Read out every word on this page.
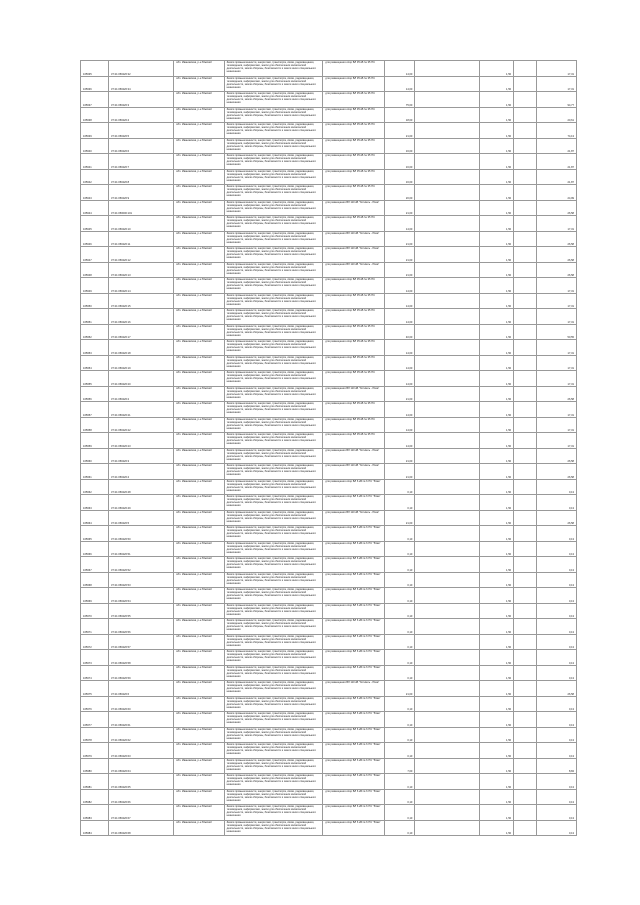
165635	37:21:050226:32		обл. Ивановская, р-н Южский	Земли промышленности, энергетики, транспорта, связи, радиовещания, телевидения, информатики, земли для обеспечения космической деятельности, земли обороны, безопасности и земли иного специального назначения	для размещения опор ВЛ 35 кВ № 35 ПС	14,00		1,50		17,31
165636	37:21:050226:34		обл. Ивановская, р-н Южский	Земли промышленности, энергетики, транспорта, связи, радиовещания, телевидения, информатики, земли для обеспечения космической деятельности, земли обороны, безопасности и земли иного специального назначения	для размещения опор ВЛ 35 кВ № 35 ПС	14,00		1,50		17,31
165637	37:21:050226:3		обл. Ивановская, р-н Южский	Земли промышленности, энергетики, транспорта, связи, радиовещания, телевидения, информатики, земли для обеспечения космической деятельности, земли обороны, безопасности и земли иного специального назначения	для размещения опор ВЛ 35 кВ № 35 ПС	75,00		1,50		94,77
165638	37:21:050226:4		обл. Ивановская, р-н Южский	Земли промышленности, энергетики, транспорта, связи, радиовещания, телевидения, информатики, земли для обеспечения космической деятельности, земли обороны, безопасности и земли иного специального назначения	для размещения опор ВЛ 35 кВ № 35 ПС	18,00		1,50		20,61
165639	37:21:050226:5		обл. Ивановская, р-н Южский	Земли промышленности, энергетики, транспорта, связи, радиовещания, телевидения, информатики, земли для обеспечения космической деятельности, земли обороны, безопасности и земли иного специального назначения	для размещения опор ВЛ 35 кВ № 35 ПС	21,00		1,50		74,13
165640	37:21:050226:6		обл. Ивановская, р-н Южский	Земли промышленности, энергетики, транспорта, связи, радиовещания, телевидения, информатики, земли для обеспечения космической деятельности, земли обороны, безопасности и земли иного специального назначения	для размещения опор ВЛ 35 кВ № 35 ПС	16,00		1,50		21,87
165641	37:21:050226:7		обл. Ивановская, р-н Южский	Земли промышленности, энергетики, транспорта, связи, радиовещания, телевидения, информатики, земли для обеспечения космической деятельности, земли обороны, безопасности и земли иного специального назначения	для размещения опор ВЛ 35 кВ № 35 ПС	16,00		1,50		21,87
165642	37:21:050226:8		обл. Ивановская, р-н Южский	Земли промышленности, энергетики, транспорта, связи, радиовещания, телевидения, информатики, земли для обеспечения космической деятельности, земли обороны, безопасности и земли иного специального назначения	для размещения опор ВЛ 35 кВ № 35 ПС	16,00		1,50		21,87
165643	37:21:050226:9		обл. Ивановская, р-н Южский	Земли промышленности, энергетики, транспорта, связи, радиовещания, телевидения, информатики, земли для обеспечения космической деятельности, земли обороны, безопасности и земли иного специального назначения	для размещения опор ВЛ 35 кВ № 35 ПС	20,00		1,50		24,99
165644	37:21:050000:101		обл. Ивановская, р-н Южский	Земли промышленности, энергетики, транспорта, связи, радиовещания, телевидения, информатики, земли для обеспечения космической деятельности, земли обороны, безопасности и земли иного специального назначения	для размещения ВЛ 110 кВ "Хотимль - Южа"	21,00		1,50		26,58
165645	37:21:050226:10		обл. Ивановская, р-н Южский	Земли промышленности, энергетики, транспорта, связи, радиовещания, телевидения, информатики, земли для обеспечения космической деятельности, земли обороны, безопасности и земли иного специального назначения	для размещения опор ВЛ 35 кВ № 35 ПС	14,00		1,50		17,31
165646	37:21:050226:11		обл. Ивановская, р-н Южский	Земли промышленности, энергетики, транспорта, связи, радиовещания, телевидения, информатики, земли для обеспечения космической деятельности, земли обороны, безопасности и земли иного специального назначения	для размещения ВЛ 110 кВ "Хотимль - Южа"	21,00		1,50		26,58
165647	37:21:050226:12		обл. Ивановская, р-н Южский	Земли промышленности, энергетики, транспорта, связи, радиовещания, телевидения, информатики, земли для обеспечения космической деятельности, земли обороны, безопасности и земли иного специального назначения	для размещения ВЛ 110 кВ "Хотимль - Южа"	21,00		1,50		26,58
165648	37:21:050226:13		обл. Ивановская, р-н Южский	Земли промышленности, энергетики, транспорта, связи, радиовещания, телевидения, информатики, земли для обеспечения космической деятельности, земли обороны, безопасности и земли иного специального назначения	для размещения ВЛ 110 кВ "Хотимль - Южа"	21,00		1,50		26,58
165649	37:21:050226:14		обл. Ивановская, р-н Южский	Земли промышленности, энергетики, транспорта, связи, радиовещания, телевидения, информатики, земли для обеспечения космической деятельности, земли обороны, безопасности и земли иного специального назначения	для размещения опор ВЛ 35 кВ № 35 ПС	14,00		1,50		17,31
165650	37:21:050226:15		обл. Ивановская, р-н Южский	Земли промышленности, энергетики, транспорта, связи, радиовещания, телевидения, информатики, земли для обеспечения космической деятельности, земли обороны, безопасности и земли иного специального назначения	для размещения опор ВЛ 35 кВ № 35 ПС	14,00		1,50		17,31
165651	37:21:050226:16		обл. Ивановская, р-н Южский	Земли промышленности, энергетики, транспорта, связи, радиовещания, телевидения, информатики, земли для обеспечения космической деятельности, земли обороны, безопасности и земли иного специального назначения	для размещения опор ВЛ 35 кВ № 35 ПС	14,00		1,50		17,31
165652	37:21:050226:17		обл. Ивановская, р-н Южский	Земли промышленности, энергетики, транспорта, связи, радиовещания, телевидения, информатики, земли для обеспечения космической деятельности, земли обороны, безопасности и земли иного специального назначения	для размещения опор ВЛ 35 кВ № 35 ПС	40,00		1,50		50,55
165653	37:21:050226:18		обл. Ивановская, р-н Южский	Земли промышленности, энергетики, транспорта, связи, радиовещания, телевидения, информатики, земли для обеспечения космической деятельности, земли обороны, безопасности и земли иного специального назначения	для размещения опор ВЛ 35 кВ № 35 ПС	14,00		1,50		17,31
165654	37:21:050226:19		обл. Ивановская, р-н Южский	Земли промышленности, энергетики, транспорта, связи, радиовещания, телевидения, информатики, земли для обеспечения космической деятельности, земли обороны, безопасности и земли иного специального назначения	для размещения опор ВЛ 35 кВ № 35 ПС	14,00		1,50		17,31
165655	37:21:050226:20		обл. Ивановская, р-н Южский	Земли промышленности, энергетики, транспорта, связи, радиовещания, телевидения, информатики, земли для обеспечения космической деятельности, земли обороны, безопасности и земли иного специального назначения	для размещения опор ВЛ 35 кВ № 35 ПС	14,00		1,50		17,31
165656	37:21:050226:2		обл. Ивановская, р-н Южский	Земли промышленности, энергетики, транспорта, связи, радиовещания, телевидения, информатики, земли для обеспечения космической деятельности, земли обороны, безопасности и земли иного специального назначения	для размещения ВЛ 110 кВ "Хотимль - Южа"	21,00		1,50		26,58
165657	37:21:050226:21		обл. Ивановская, р-н Южский	Земли промышленности, энергетики, транспорта, связи, радиовещания, телевидения, информатики, земли для обеспечения космической деятельности, земли обороны, безопасности и земли иного специального назначения	для размещения опор ВЛ 35 кВ № 35 ПС	14,00		1,50		17,31
165658	37:21:050226:22		обл. Ивановская, р-н Южский	Земли промышленности, энергетики, транспорта, связи, радиовещания, телевидения, информатики, земли для обеспечения космической деятельности, земли обороны, безопасности и земли иного специального назначения	для размещения опор ВЛ 35 кВ № 35 ПС	14,00		1,50		17,31
165659	37:21:050226:23		обл. Ивановская, р-н Южский	Земли промышленности, энергетики, транспорта, связи, радиовещания, телевидения, информатики, земли для обеспечения космической деятельности, земли обороны, безопасности и земли иного специального назначения	для размещения опор ВЛ 35 кВ № 35 ПС	14,00		1,50		17,31
165660	37:21:050226:3		обл. Ивановская, р-н Южский	Земли промышленности, энергетики, транспорта, связи, радиовещания, телевидения, информатики, земли для обеспечения космической деятельности, земли обороны, безопасности и земли иного специального назначения	для размещения ВЛ 110 кВ "Хотимль - Южа"	21,00		1,50		26,58
165661	37:21:050226:4		обл. Ивановская, р-н Южский	Земли промышленности, энергетики, транспорта, связи, радиовещания, телевидения, информатики, земли для обеспечения космической деятельности, земли обороны, безопасности и земли иного специального назначения	для размещения ВЛ 110 кВ "Хотимль - Южа"	21,00		1,50		26,58
165662	37:21:050226:48		обл. Ивановская, р-н Южский	Земли промышленности, энергетики, транспорта, связи, радиовещания, телевидения, информатики, земли для обеспечения космической деятельности, земли обороны, безопасности и земли иного специального назначения	для размещения опор ВЛ 6 кВ № 6 ПС "Южа"	0,10		1,50		0,13
165663	37:21:050226:49		обл. Ивановская, р-н Южский	Земли промышленности, энергетики, транспорта, связи, радиовещания, телевидения, информатики, земли для обеспечения космической деятельности, земли обороны, безопасности и земли иного специального назначения	для размещения опор ВЛ 6 кВ № 6 ПС "Южа"	0,10		1,50		0,13
165664	37:21:050226:5		обл. Ивановская, р-н Южский	Земли промышленности, энергетики, транспорта, связи, радиовещания, телевидения, информатики, земли для обеспечения космической деятельности, земли обороны, безопасности и земли иного специального назначения	для размещения ВЛ 110 кВ "Хотимль - Южа"	21,00		1,50		26,58
165665	37:21:050226:50		обл. Ивановская, р-н Южский	Земли промышленности, энергетики, транспорта, связи, радиовещания, телевидения, информатики, земли для обеспечения космической деятельности, земли обороны, безопасности и земли иного специального назначения	для размещения опор ВЛ 6 кВ № 6 ПС "Южа"	0,10		1,50		0,13
165666	37:21:050226:51		обл. Ивановская, р-н Южский	Земли промышленности, энергетики, транспорта, связи, радиовещания, телевидения, информатики, земли для обеспечения космической деятельности, земли обороны, безопасности и земли иного специального назначения	для размещения опор ВЛ 6 кВ № 6 ПС "Южа"	0,10		1,50		0,13
165667	37:21:050226:52		обл. Ивановская, р-н Южский	Земли промышленности, энергетики, транспорта, связи, радиовещания, телевидения, информатики, земли для обеспечения космической деятельности, земли обороны, безопасности и земли иного специального назначения	для размещения опор ВЛ 6 кВ № 6 ПС "Южа"	0,10		1,50		0,13
165668	37:21:050226:53		обл. Ивановская, р-н Южский	Земли промышленности, энергетики, транспорта, связи, радиовещания, телевидения, информатики, земли для обеспечения космической деятельности, земли обороны, безопасности и земли иного специального назначения	для размещения опор ВЛ 6 кВ № 6 ПС "Южа"	0,10		1,50		0,13
165669	37:21:050226:54		обл. Ивановская, р-н Южский	Земли промышленности, энергетики, транспорта, связи, радиовещания, телевидения, информатики, земли для обеспечения космической деятельности, земли обороны, безопасности и земли иного специального назначения	для размещения опор ВЛ 6 кВ № 6 ПС "Южа"	0,10		1,50		0,13
165670	37:21:050226:55		обл. Ивановская, р-н Южский	Земли промышленности, энергетики, транспорта, связи, радиовещания, телевидения, информатики, земли для обеспечения космической деятельности, земли обороны, безопасности и земли иного специального назначения	для размещения опор ВЛ 6 кВ № 6 ПС "Южа"	0,10		1,50		0,13
165671	37:21:050226:56		обл. Ивановская, р-н Южский	Земли промышленности, энергетики, транспорта, связи, радиовещания, телевидения, информатики, земли для обеспечения космической деятельности, земли обороны, безопасности и земли иного специального назначения	для размещения опор ВЛ 6 кВ № 6 ПС "Южа"	0,10		1,50		0,13
165672	37:21:050226:57		обл. Ивановская, р-н Южский	Земли промышленности, энергетики, транспорта, связи, радиовещания, телевидения, информатики, земли для обеспечения космической деятельности, земли обороны, безопасности и земли иного специального назначения	для размещения опор ВЛ 6 кВ № 6 ПС "Южа"	0,10		1,50		0,13
165673	37:21:050226:58		обл. Ивановская, р-н Южский	Земли промышленности, энергетики, транспорта, связи, радиовещания, телевидения, информатики, земли для обеспечения космической деятельности, земли обороны, безопасности и земли иного специального назначения	для размещения опор ВЛ 6 кВ № 6 ПС "Южа"	0,10		1,50		0,13
165674	37:21:050226:59		обл. Ивановская, р-н Южский	Земли промышленности, энергетики, транспорта, связи, радиовещания, телевидения, информатики, земли для обеспечения космической деятельности, земли обороны, безопасности и земли иного специального назначения	для размещения опор ВЛ 6 кВ № 6 ПС "Южа"	0,10		1,50		0,13
165675	37:21:050226:6		обл. Ивановская, р-н Южский	Земли промышленности, энергетики, транспорта, связи, радиовещания, телевидения, информатики, земли для обеспечения космической деятельности, земли обороны, безопасности и земли иного специального назначения	для размещения ВЛ 110 кВ "Хотимль - Южа"	21,00		1,50		26,58
165676	37:21:050226:60		обл. Ивановская, р-н Южский	Земли промышленности, энергетики, транспорта, связи, радиовещания, телевидения, информатики, земли для обеспечения космической деятельности, земли обороны, безопасности и земли иного специального назначения	для размещения опор ВЛ 6 кВ № 6 ПС "Южа"	0,10		1,50		0,13
165677	37:21:050226:61		обл. Ивановская, р-н Южский	Земли промышленности, энергетики, транспорта, связи, радиовещания, телевидения, информатики, земли для обеспечения космической деятельности, земли обороны, безопасности и земли иного специального назначения	для размещения опор ВЛ 6 кВ № 6 ПС "Южа"	0,10		1,50		0,13
165678	37:21:050226:62		обл. Ивановская, р-н Южский	Земли промышленности, энергетики, транспорта, связи, радиовещания, телевидения, информатики, земли для обеспечения космической деятельности, земли обороны, безопасности и земли иного специального назначения	для размещения опор ВЛ 6 кВ № 6 ПС "Южа"	0,10		1,50		0,13
165679	37:21:050226:63		обл. Ивановская, р-н Южский	Земли промышленности, энергетики, транспорта, связи, радиовещания, телевидения, информатики, земли для обеспечения космической деятельности, земли обороны, безопасности и земли иного специального назначения	для размещения опор ВЛ 6 кВ № 6 ПС "Южа"	0,10		1,50		0,13
165680	37:21:050226:64		обл. Ивановская, р-н Южский	Земли промышленности, энергетики, транспорта, связи, радиовещания, телевидения, информатики, земли для обеспечения космической деятельности, земли обороны, безопасности и земли иного специального назначения	для размещения опор ВЛ 6 кВ № 6 ПС "Южа"	7,00		1,50		8,84
165681	37:21:050226:65		обл. Ивановская, р-н Южский	Земли промышленности, энергетики, транспорта, связи, радиовещания, телевидения, информатики, земли для обеспечения космической деятельности, земли обороны, безопасности и земли иного специального назначения	для размещения опор ВЛ 6 кВ № 6 ПС "Южа"	0,10		1,50		0,13
165682	37:21:050226:66		обл. Ивановская, р-н Южский	Земли промышленности, энергетики, транспорта, связи, радиовещания, телевидения, информатики, земли для обеспечения космической деятельности, земли обороны, безопасности и земли иного специального назначения	для размещения опор ВЛ 6 кВ № 6 ПС "Южа"	0,10		1,50		0,13
165683	37:21:050226:67		обл. Ивановская, р-н Южский	Земли промышленности, энергетики, транспорта, связи, радиовещания, телевидения, информатики, земли для обеспечения космической деятельности, земли обороны, безопасности и земли иного специального назначения	для размещения опор ВЛ 6 кВ № 6 ПС "Южа"	0,10		1,50		0,13
165684	37:21:050226:68		обл. Ивановская, р-н Южский	Земли промышленности, энергетики, транспорта, связи, радиовещания, телевидения, информатики, земли для обеспечения космической деятельности, земли обороны, безопасности и земли иного специального назначения	для размещения опор ВЛ 6 кВ № 6 ПС "Южа"	0,10		1,50		0,13
